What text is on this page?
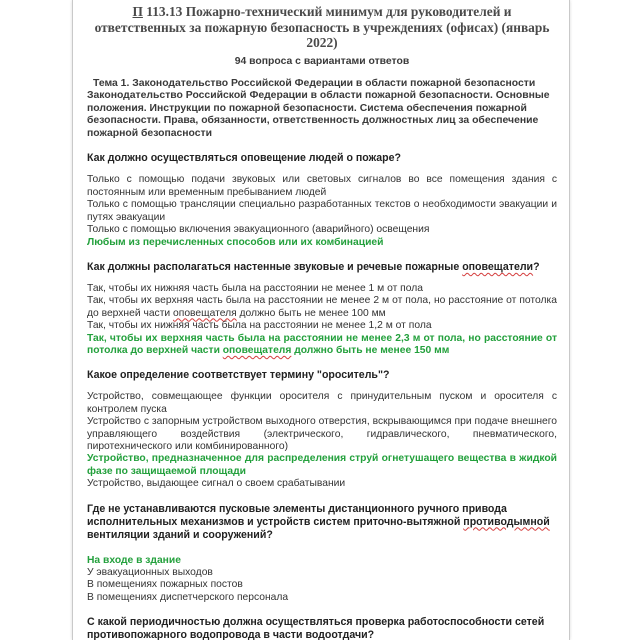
П 113.13 Пожарно-технический минимум для руководителей и ответственных за пожарную безопасность в учреждениях (офисах) (январь 2022)

94 вопроса с вариантами ответов

Тема 1. Законодательство Российской Федерации в области пожарной безопасности Законодательство Российской Федерации в области пожарной безопасности. Основные положения. Инструкции по пожарной безопасности. Система обеспечения пожарной безопасности. Права, обязанности, ответственность должностных лиц за обеспечение пожарной безопасности

Как должно осуществляться оповещение людей о пожаре?

Только с помощью подачи звуковых или световых сигналов во все помещения здания с постоянным или временным пребыванием людей

Только с помощью трансляции специально разработанных текстов о необходимости эвакуации и путях эвакуации

Только с помощью включения эвакуационного (аварийного) освещения

Любым из перечисленных способов или их комбинацией

Как должны располагаться настенные звуковые и речевые пожарные оповещатели?

Так, чтобы их нижняя часть была на расстоянии не менее 1 м от пола

Так, чтобы их верхняя часть была на расстоянии не менее 2 м от пола, но расстояние от потолка до верхней части оповещателя должно быть не менее 100 мм

Так, чтобы их нижняя часть была на расстоянии не менее 1,2 м от пола

Так, чтобы их верхняя часть была на расстоянии не менее 2,3 м от пола, но расстояние от потолка до верхней части оповещателя должно быть не менее 150 мм

Какое определение соответствует термину "ороситель"?

Устройство, совмещающее функции оросителя с принудительным пуском и оросителя с контролем пуска

Устройство с запорным устройством выходного отверстия, вскрывающимся при подаче внешнего управляющего воздействия (электрического, гидравлического, пневматического, пиротехнического или комбинированного)

Устройство, предназначенное для распределения струй огнетушащего вещества в жидкой фазе по защищаемой площади

Устройство, выдающее сигнал о своем срабатывании

Где не устанавливаются пусковые элементы дистанционного ручного привода исполнительных механизмов и устройств систем приточно-вытяжной противодымной вентиляции зданий и сооружений?

На входе в здание

У эвакуационных выходов

В помещениях пожарных постов

В помещениях диспетчерского персонала

С какой периодичностью должна осуществляться проверка работоспособности сетей противопожарного водопровода в части водоотдачи?
